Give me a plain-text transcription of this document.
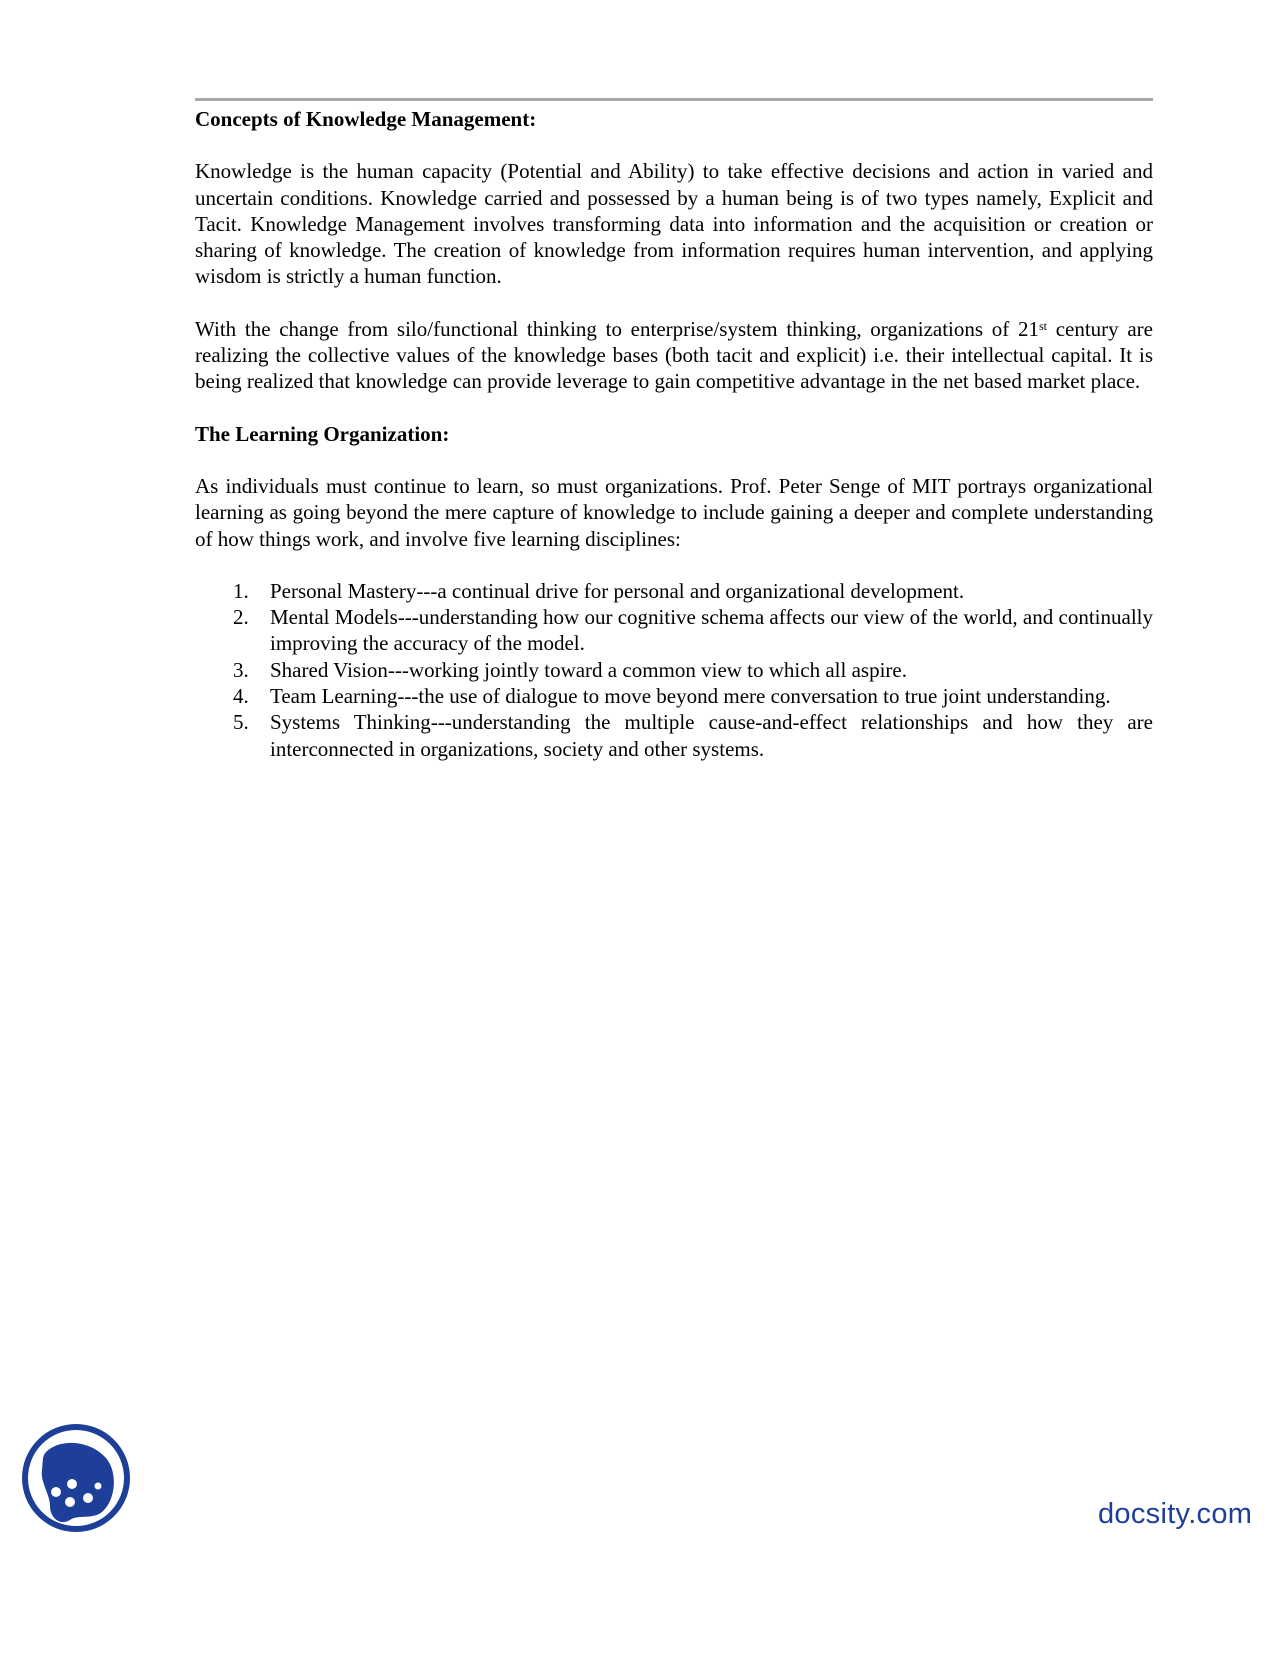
Concepts of Knowledge Management:

Knowledge is the human capacity (Potential and Ability) to take effective decisions and action in varied and uncertain conditions. Knowledge carried and possessed by a human being is of two types namely, Explicit and Tacit. Knowledge Management involves transforming data into information and the acquisition or creation or sharing of knowledge. The creation of knowledge from information requires human intervention, and applying wisdom is strictly a human function.

With the change from silo/functional thinking to enterprise/system thinking, organizations of 21st century are realizing the collective values of the knowledge bases (both tacit and explicit) i.e. their intellectual capital. It is being realized that knowledge can provide leverage to gain competitive advantage in the net based market place.

The Learning Organization:

As individuals must continue to learn, so must organizations. Prof. Peter Senge of MIT portrays organizational learning as going beyond the mere capture of knowledge to include gaining a deeper and complete understanding of how things work, and involve five learning disciplines:

1. Personal Mastery---a continual drive for personal and organizational development.
2. Mental Models---understanding how our cognitive schema affects our view of the world, and continually improving the accuracy of the model.
3. Shared Vision---working jointly toward a common view to which all aspire.
4. Team Learning---the use of dialogue to move beyond mere conversation to true joint understanding.
5. Systems Thinking---understanding the multiple cause-and-effect relationships and how they are interconnected in organizations, society and other systems.
docsity.com
